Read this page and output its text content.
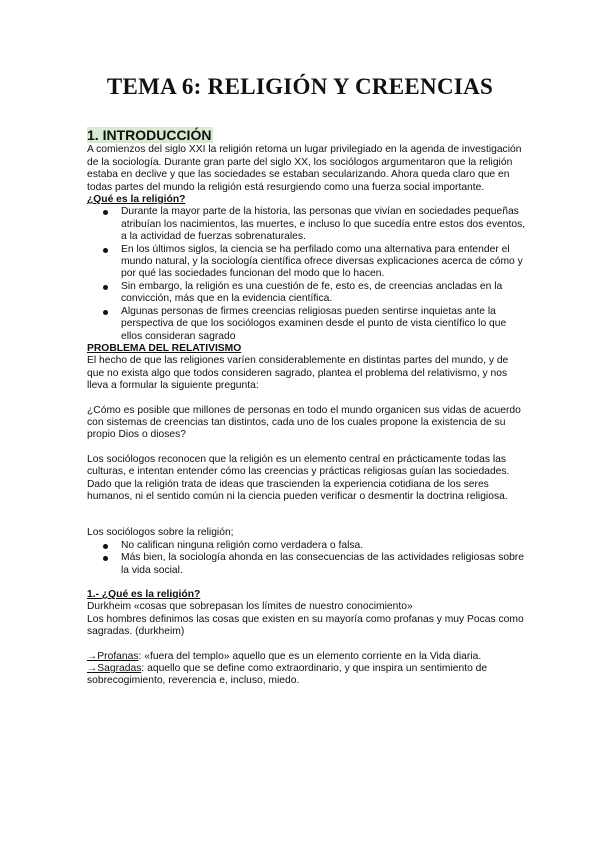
TEMA 6: RELIGIÓN Y CREENCIAS
1. INTRODUCCIÓN

A comienzos del siglo XXI la religión retoma un lugar privilegiado en la agenda de investigación de la sociología. Durante gran parte del siglo XX, los sociólogos argumentaron que la religión estaba en declive y que las sociedades se estaban secularizando. Ahora queda claro que en todas partes del mundo la religión está resurgiendo como una fuerza social importante.

¿Qué es la religión?

Durante la mayor parte de la historia, las personas que vivían en sociedades pequeñas atribuían los nacimientos, las muertes, e incluso lo que sucedía entre estos dos eventos, a la actividad de fuerzas sobrenaturales.
En los últimos siglos, la ciencia se ha perfilado como una alternativa para entender el mundo natural, y la sociología científica ofrece diversas explicaciones acerca de cómo y por qué las sociedades funcionan del modo que lo hacen.
Sin embargo, la religión es una cuestión de fe, esto es, de creencias ancladas en la convicción, más que en la evidencia científica.
Algunas personas de firmes creencias religiosas pueden sentirse inquietas ante la perspectiva de que los sociólogos examinen desde el punto de vista científico lo que ellos consideran sagrado

PROBLEMA DEL RELATIVISMO

El hecho de que las religiones varíen considerablemente en distintas partes del mundo, y de que no exista algo que todos consideren sagrado, plantea el problema del relativismo, y nos lleva a formular la siguiente pregunta:

¿Cómo es posible que millones de personas en todo el mundo organicen sus vidas de acuerdo con sistemas de creencias tan distintos, cada uno de los cuales propone la existencia de su propio Dios o dioses?

Los sociólogos reconocen que la religión es un elemento central en prácticamente todas las culturas, e intentan entender cómo las creencias y prácticas religiosas guían las sociedades. Dado que la religión trata de ideas que trascienden la experiencia cotidiana de los seres humanos, ni el sentido común ni la ciencia pueden verificar o desmentir la doctrina religiosa.

Los sociólogos sobre la religión;

No califican ninguna religión como verdadera o falsa.
Más bien, la sociología ahonda en las consecuencias de las actividades religiosas sobre la vida social.

1.- ¿Qué es la religión?

Durkheim «cosas que sobrepasan los límites de nuestro conocimiento»

Los hombres definimos las cosas que existen en su mayoría como profanas y muy Pocas como sagradas. (durkheim)

→Profanas: «fuera del templo» aquello que es un elemento corriente en la Vida diaria.

→Sagradas: aquello que se define como extraordinario, y que inspira un sentimiento de sobrecogimiento, reverencia e, incluso, miedo.
